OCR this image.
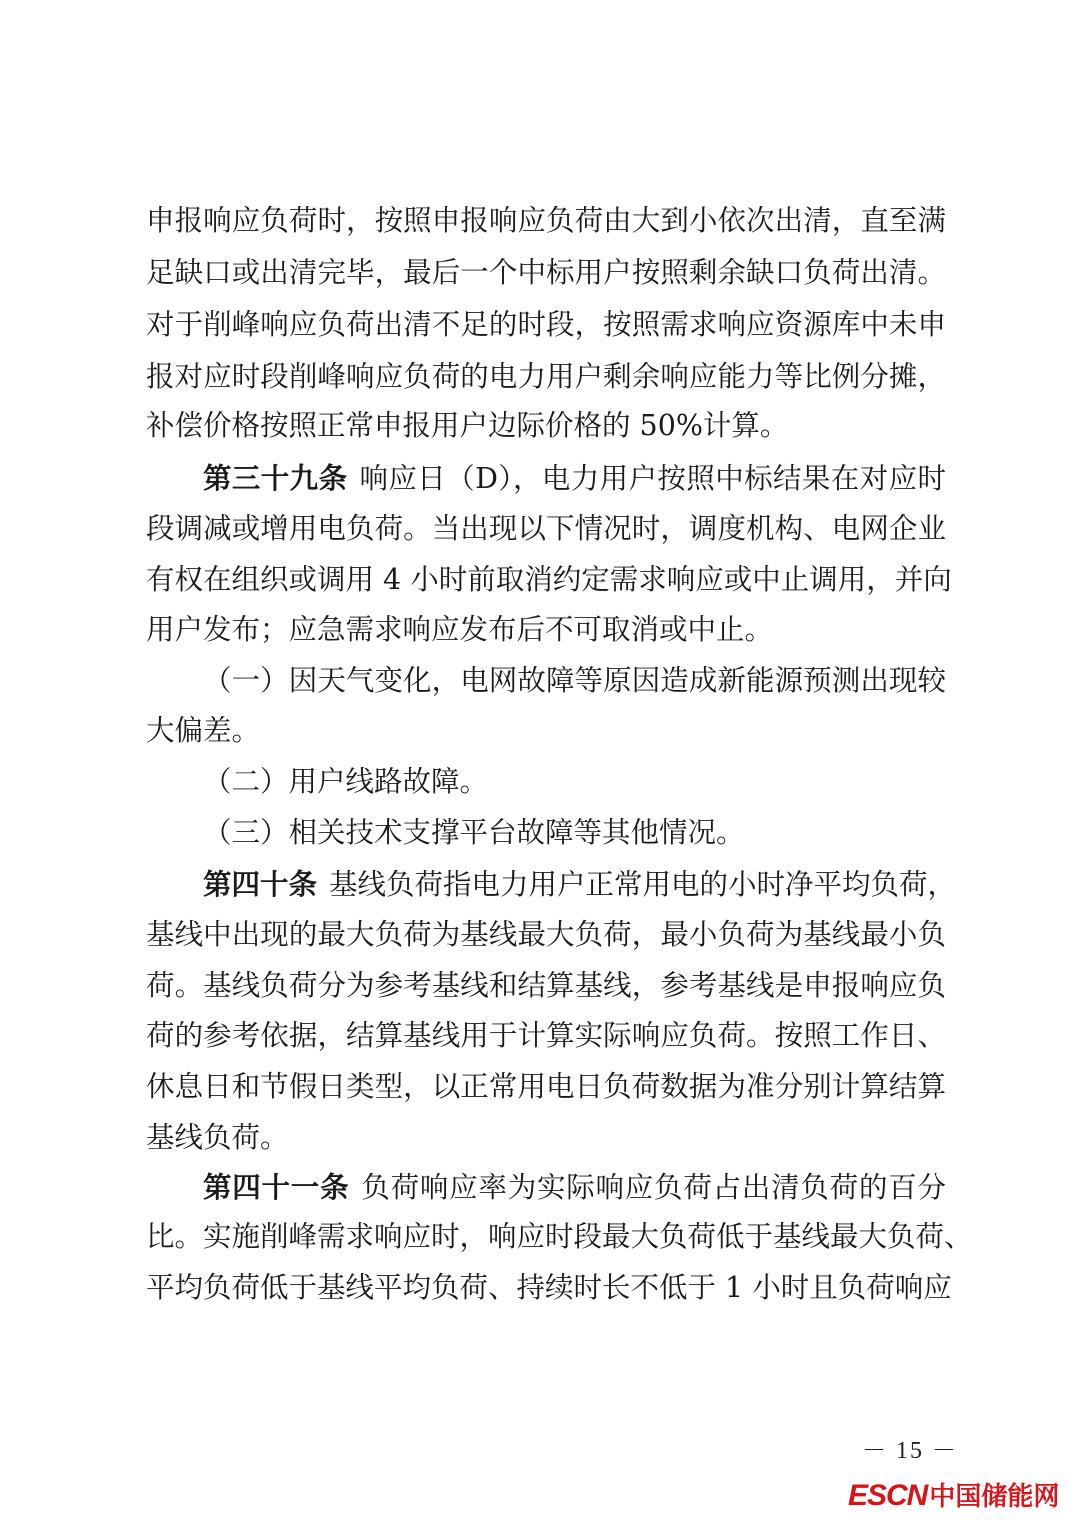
申报响应负荷时，按照申报响应负荷由大到小依次出清，直至满
足缺口或出清完毕，最后一个中标用户按照剩余缺口负荷出清。
对于削峰响应负荷出清不足的时段，按照需求响应资源库中未申
报对应时段削峰响应负荷的电力用户剩余响应能力等比例分摊，
补偿价格按照正常申报用户边际价格的 50%计算。
第三十九条 响应日（D），电力用户按照中标结果在对应时
段调减或增用电负荷。当出现以下情况时，调度机构、电网企业
有权在组织或调用 4 小时前取消约定需求响应或中止调用，并向
用户发布；应急需求响应发布后不可取消或中止。
（一）因天气变化，电网故障等原因造成新能源预测出现较
大偏差。
（二）用户线路故障。
（三）相关技术支撑平台故障等其他情况。
第四十条 基线负荷指电力用户正常用电的小时净平均负荷，
基线中出现的最大负荷为基线最大负荷，最小负荷为基线最小负
荷。基线负荷分为参考基线和结算基线，参考基线是申报响应负
荷的参考依据，结算基线用于计算实际响应负荷。按照工作日、
休息日和节假日类型，以正常用电日负荷数据为准分别计算结算
基线负荷。
第四十一条 负荷响应率为实际响应负荷占出清负荷的百分
比。实施削峰需求响应时，响应时段最大负荷低于基线最大负荷、
平均负荷低于基线平均负荷、持续时长不低于 1 小时且负荷响应
－ 15 －
ESCN中国储能网
